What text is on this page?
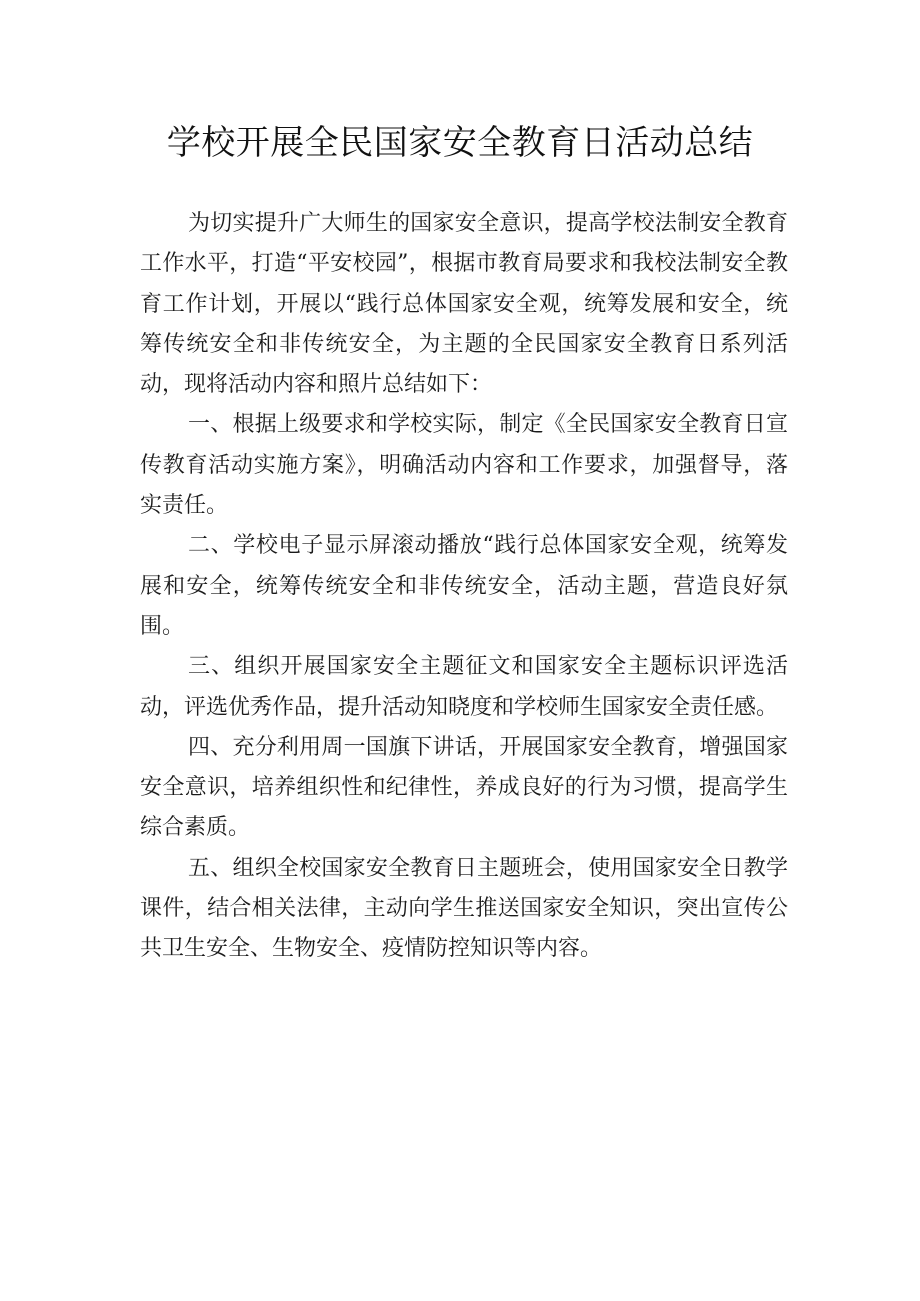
学校开展全民国家安全教育日活动总结

为切实提升广大师生的国家安全意识，提高学校法制安全教育工作水平，打造“平安校园”，根据市教育局要求和我校法制安全教育工作计划，开展以“践行总体国家安全观，统筹发展和安全，统筹传统安全和非传统安全，为主题的全民国家安全教育日系列活动，现将活动内容和照片总结如下：

一、根据上级要求和学校实际，制定《全民国家安全教育日宣传教育活动实施方案》，明确活动内容和工作要求，加强督导，落实责任。

二、学校电子显示屏滚动播放“践行总体国家安全观，统筹发展和安全，统筹传统安全和非传统安全，活动主题，营造良好氛围。

三、组织开展国家安全主题征文和国家安全主题标识评选活动，评选优秀作品，提升活动知晓度和学校师生国家安全责任感。

四、充分利用周一国旗下讲话，开展国家安全教育，增强国家安全意识，培养组织性和纪律性，养成良好的行为习惯，提高学生综合素质。

五、组织全校国家安全教育日主题班会，使用国家安全日教学课件，结合相关法律，主动向学生推送国家安全知识，突出宣传公共卫生安全、生物安全、疫情防控知识等内容。
